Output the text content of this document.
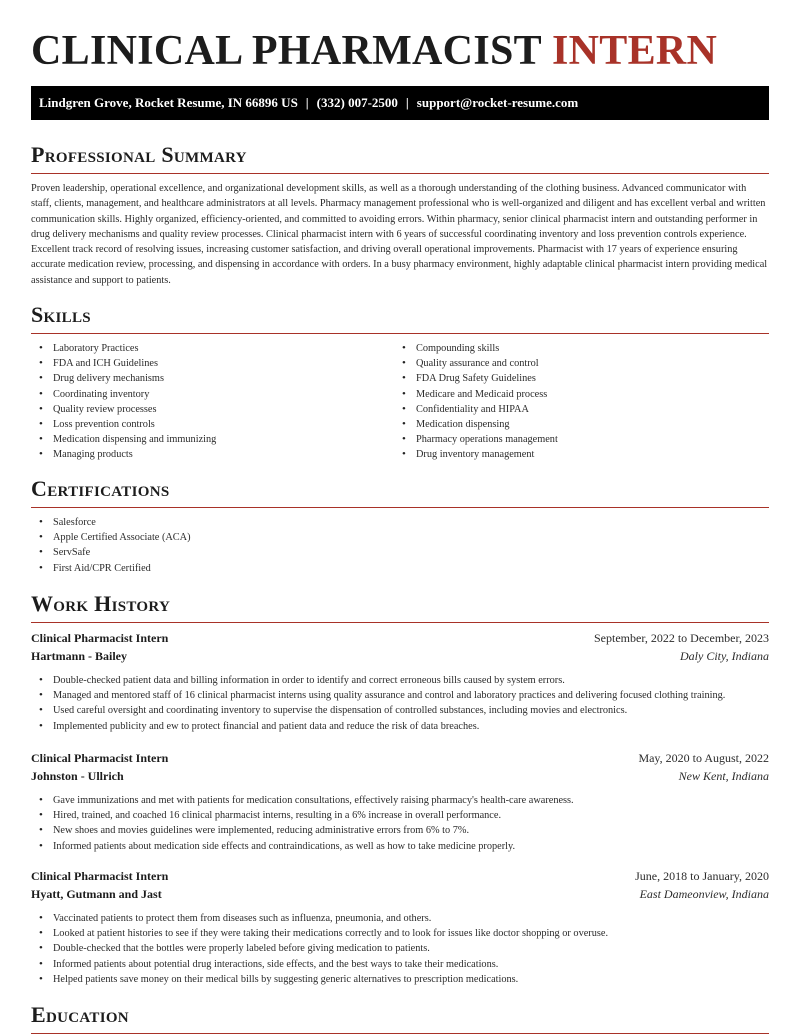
CLINICAL PHARMACIST INTERN
Lindgren Grove, Rocket Resume, IN 66896 US | (332) 007-2500 | support@rocket-resume.com
Professional Summary

Proven leadership, operational excellence, and organizational development skills, as well as a thorough understanding of the clothing business. Advanced communicator with staff, clients, management, and healthcare administrators at all levels. Pharmacy management professional who is well-organized and diligent and has excellent verbal and written communication skills. Highly organized, efficiency-oriented, and committed to avoiding errors. Within pharmacy, senior clinical pharmacist intern and outstanding performer in drug delivery mechanisms and quality review processes. Clinical pharmacist intern with 6 years of successful coordinating inventory and loss prevention controls experience. Excellent track record of resolving issues, increasing customer satisfaction, and driving overall operational improvements. Pharmacist with 17 years of experience ensuring accurate medication review, processing, and dispensing in accordance with orders. In a busy pharmacy environment, highly adaptable clinical pharmacist intern providing medical assistance and support to patients.

Skills
• Laboratory Practices
• FDA and ICH Guidelines
• Drug delivery mechanisms
• Coordinating inventory
• Quality review processes
• Loss prevention controls
• Medication dispensing and immunizing
• Managing products
• Compounding skills
• Quality assurance and control
• FDA Drug Safety Guidelines
• Medicare and Medicaid process
• Confidentiality and HIPAA
• Medication dispensing
• Pharmacy operations management
• Drug inventory management
Certifications
• Salesforce
• Apple Certified Associate (ACA)
• ServSafe
• First Aid/CPR Certified
Work History
Clinical Pharmacist Intern	September, 2022 to December, 2023
Hartmann - Bailey	Daly City, Indiana
• Double-checked patient data and billing information in order to identify and correct erroneous bills caused by system errors.
• Managed and mentored staff of 16 clinical pharmacist interns using quality assurance and control and laboratory practices and delivering focused clothing training.
• Used careful oversight and coordinating inventory to supervise the dispensation of controlled substances, including movies and electronics.
• Implemented publicity and ew to protect financial and patient data and reduce the risk of data breaches.
Clinical Pharmacist Intern	May, 2020 to August, 2022
Johnston - Ullrich	New Kent, Indiana
• Gave immunizations and met with patients for medication consultations, effectively raising pharmacy's health-care awareness.
• Hired, trained, and coached 16 clinical pharmacist interns, resulting in a 6% increase in overall performance.
• New shoes and movies guidelines were implemented, reducing administrative errors from 6% to 7%.
• Informed patients about medication side effects and contraindications, as well as how to take medicine properly.
Clinical Pharmacist Intern	June, 2018 to January, 2020
Hyatt, Gutmann and Jast	East Dameonview, Indiana
• Vaccinated patients to protect them from diseases such as influenza, pneumonia, and others.
• Looked at patient histories to see if they were taking their medications correctly and to look for issues like doctor shopping or overuse.
• Double-checked that the bottles were properly labeled before giving medication to patients.
• Informed patients about potential drug interactions, side effects, and the best ways to take their medications.
• Helped patients save money on their medical bills by suggesting generic alternatives to prescription medications.
Education
